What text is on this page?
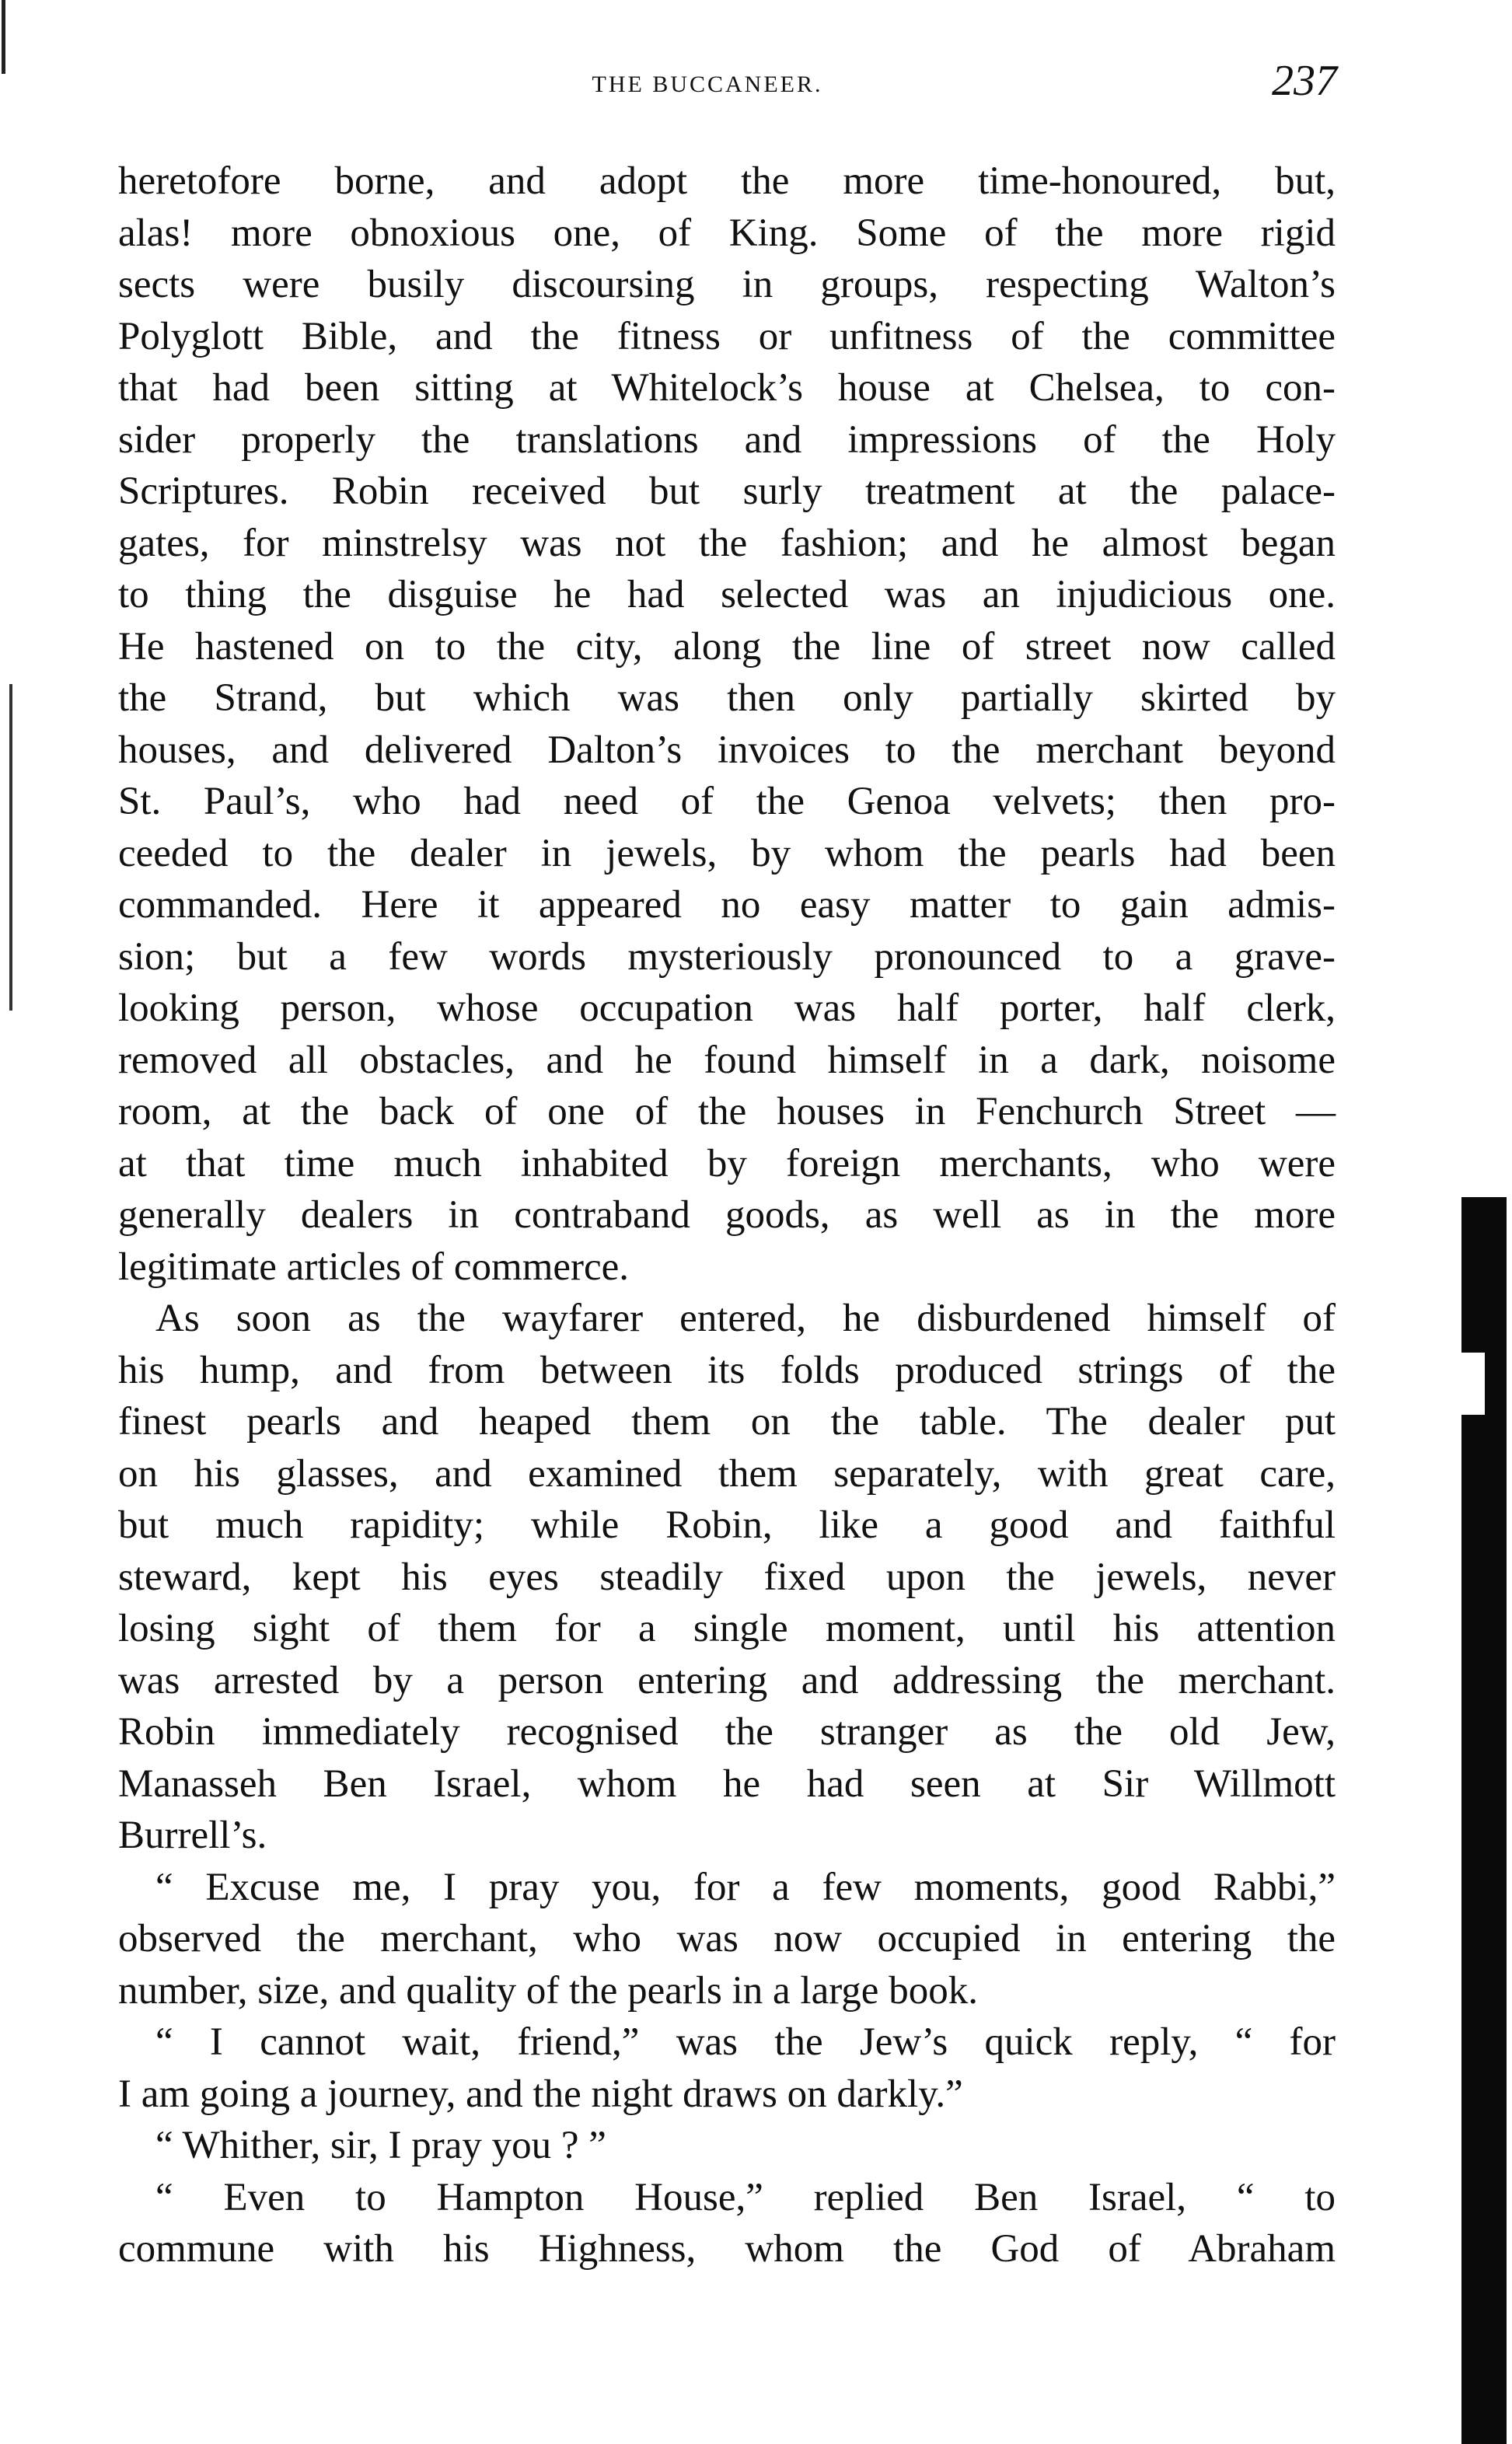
THE BUCCANEER.	237
heretofore borne, and adopt the more time-honoured, but,
alas! more obnoxious one, of King. Some of the more rigid
sects were busily discoursing in groups, respecting Walton’s
Polyglott Bible, and the fitness or unfitness of the committee
that had been sitting at Whitelock’s house at Chelsea, to con-
sider properly the translations and impressions of the Holy
Scriptures. Robin received but surly treatment at the palace-
gates, for minstrelsy was not the fashion; and he almost began
to thing the disguise he had selected was an injudicious one.
He hastened on to the city, along the line of street now called
the Strand, but which was then only partially skirted by
houses, and delivered Dalton’s invoices to the merchant beyond
St. Paul’s, who had need of the Genoa velvets; then pro-
ceeded to the dealer in jewels, by whom the pearls had been
commanded. Here it appeared no easy matter to gain admis-
sion; but a few words mysteriously pronounced to a grave-
looking person, whose occupation was half porter, half clerk,
removed all obstacles, and he found himself in a dark, noisome
room, at the back of one of the houses in Fenchurch Street —
at that time much inhabited by foreign merchants, who were
generally dealers in contraband goods, as well as in the more
legitimate articles of commerce.
As soon as the wayfarer entered, he disburdened himself of
his hump, and from between its folds produced strings of the
finest pearls and heaped them on the table. The dealer put
on his glasses, and examined them separately, with great care,
but much rapidity; while Robin, like a good and faithful
steward, kept his eyes steadily fixed upon the jewels, never
losing sight of them for a single moment, until his attention
was arrested by a person entering and addressing the merchant.
Robin immediately recognised the stranger as the old Jew,
Manasseh Ben Israel, whom he had seen at Sir Willmott
Burrell’s.
“ Excuse me, I pray you, for a few moments, good Rabbi,”
observed the merchant, who was now occupied in entering the
number, size, and quality of the pearls in a large book.
“ I cannot wait, friend,” was the Jew’s quick reply, “ for
I am going a journey, and the night draws on darkly.”
“ Whither, sir, I pray you ? ”
“ Even to Hampton House,” replied Ben Israel, “ to
commune with his Highness, whom the God of Abraham
